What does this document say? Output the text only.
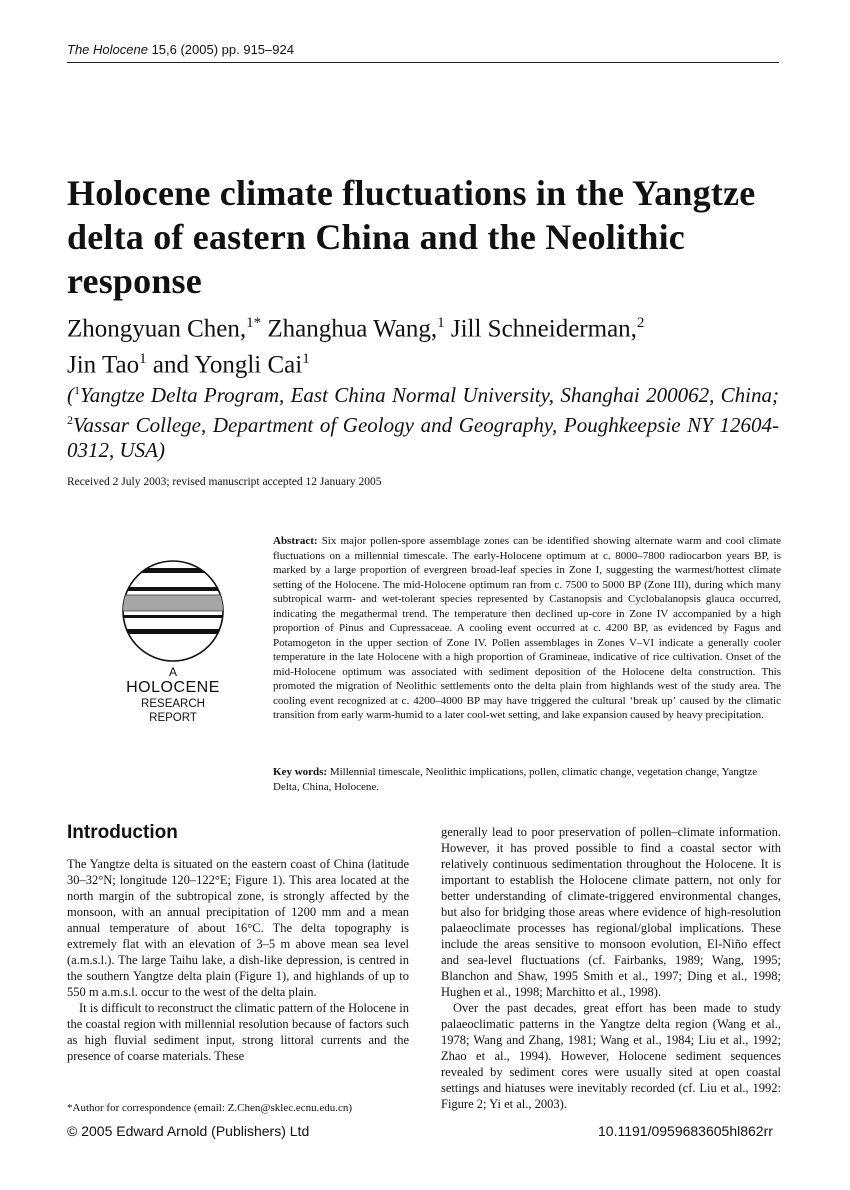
The Holocene 15,6 (2005) pp. 915–924
Holocene climate fluctuations in the Yangtze delta of eastern China and the Neolithic response
Zhongyuan Chen,$^{1*}$ Zhanghua Wang,$^1$ Jill Schneiderman,$^2$
Jin Tao$^1$ and Yongli Cai$^1$
($^1$Yangtze Delta Program, East China Normal University, Shanghai 200062, China; $^2$Vassar College, Department of Geology and Geography, Poughkeepsie NY 12604-0312, USA)
Received 2 July 2003; revised manuscript accepted 12 January 2005
A
HOLOCENE
RESEARCH
REPORT

Abstract: Six major pollen-spore assemblage zones can be identified showing alternate warm and cool climate fluctuations on a millennial timescale. The early-Holocene optimum at c. 8000–7800 radiocarbon years BP, is marked by a large proportion of evergreen broad-leaf species in Zone I, suggesting the warmest/hottest climate setting of the Holocene. The mid-Holocene optimum ran from c. 7500 to 5000 BP (Zone III), during which many subtropical warm- and wet-tolerant species represented by Castanopsis and Cyclobalanopsis glauca occurred, indicating the megathermal trend. The temperature then declined up-core in Zone IV accompanied by a high proportion of Pinus and Cupressaceae. A cooling event occurred at c. 4200 BP, as evidenced by Fagus and Potamogeton in the upper section of Zone IV. Pollen assemblages in Zones V–VI indicate a generally cooler temperature in the late Holocene with a high proportion of Gramineae, indicative of rice cultivation. Onset of the mid-Holocene optimum was associated with sediment deposition of the Holocene delta construction. This promoted the migration of Neolithic settlements onto the delta plain from highlands west of the study area. The cooling event recognized at c. 4200–4000 BP may have triggered the cultural ‘break up’ caused by the climatic transition from early warm-humid to a later cool-wet setting, and lake expansion caused by heavy precipitation.

Key words: Millennial timescale, Neolithic implications, pollen, climatic change, vegetation change, Yangtze Delta, China, Holocene.
Introduction

The Yangtze delta is situated on the eastern coast of China (latitude 30–32°N; longitude 120–122°E; Figure 1). This area located at the north margin of the subtropical zone, is strongly affected by the monsoon, with an annual precipitation of 1200 mm and a mean annual temperature of about 16°C. The delta topography is extremely flat with an elevation of 3–5 m above mean sea level (a.m.s.l.). The large Taihu lake, a dish-like depression, is centred in the southern Yangtze delta plain (Figure 1), and highlands of up to 550 m a.m.s.l. occur to the west of the delta plain.

It is difficult to reconstruct the climatic pattern of the Holocene in the coastal region with millennial resolution because of factors such as high fluvial sediment input, strong littoral currents and the presence of coarse materials. These

generally lead to poor preservation of pollen–climate information. However, it has proved possible to find a coastal sector with relatively continuous sedimentation throughout the Holocene. It is important to establish the Holocene climate pattern, not only for better understanding of climate-triggered environmental changes, but also for bridging those areas where evidence of high-resolution palaeoclimate processes has regional/global implications. These include the areas sensitive to monsoon evolution, El-Niño effect and sea-level fluctuations (cf. Fairbanks, 1989; Wang, 1995; Blanchon and Shaw, 1995 Smith et al., 1997; Ding et al., 1998; Hughen et al., 1998; Marchitto et al., 1998).

Over the past decades, great effort has been made to study palaeoclimatic patterns in the Yangtze delta region (Wang et al., 1978; Wang and Zhang, 1981; Wang et al., 1984; Liu et al., 1992; Zhao et al., 1994). However, Holocene sediment sequences revealed by sediment cores were usually sited at open coastal settings and hiatuses were inevitably recorded (cf. Liu et al., 1992: Figure 2; Yi et al., 2003).

*Author for correspondence (email: Z.Chen@sklec.ecnu.edu.cn)
© 2005 Edward Arnold (Publishers) Ltd	10.1191/0959683605hl862rr
